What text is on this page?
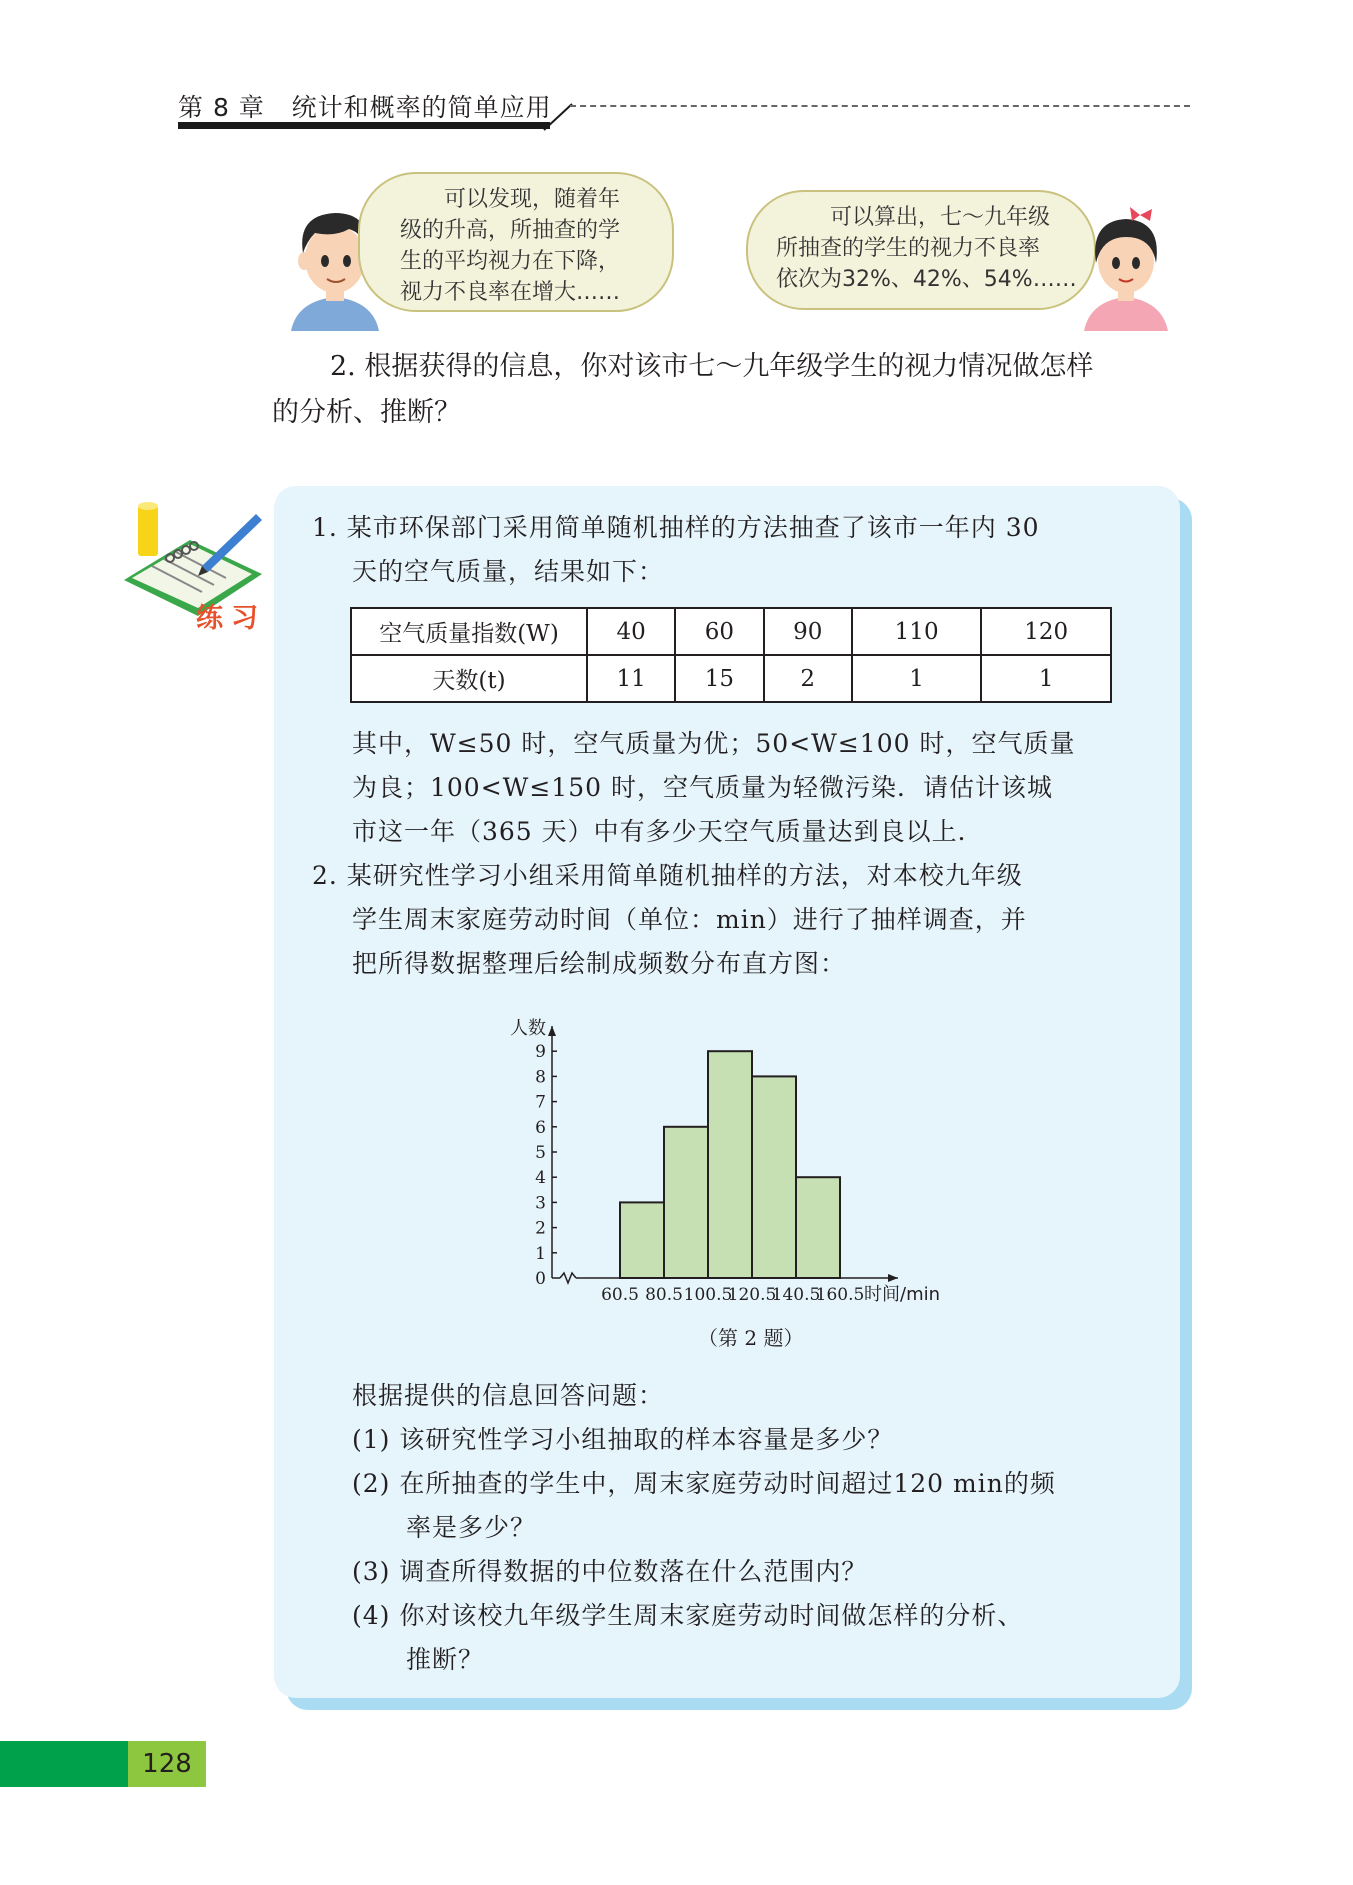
第 8 章 统计和概率的简单应用
可以发现，随着年
级的升高，所抽查的学
生的平均视力在下降，
视力不良率在增大……
可以算出，七～九年级
所抽查的学生的视力不良率
依次为32%、42%、54%……
2. 根据获得的信息，你对该市七～九年级学生的视力情况做怎样
的分析、推断？
练习
1. 某市环保部门采用简单随机抽样的方法抽查了该市一年内 30
天的空气质量，结果如下：
空气质量指数(W)	40	60	90	110	120
天数(t)	11	15	2	1	1
其中，W≤50 时，空气质量为优；50<W≤100 时，空气质量
为良；100<W≤150 时，空气质量为轻微污染．请估计该城
市这一年（365 天）中有多少天空气质量达到良以上．
2. 某研究性学习小组采用简单随机抽样的方法，对本校九年级
学生周末家庭劳动时间（单位：min）进行了抽样调查，并
把所得数据整理后绘制成频数分布直方图：
0
1
2
3
4
5
6
7
8
9
60.5 80.5 100.5
120.5
140.5
160.5
人数
时间/min
（第 2 题）
根据提供的信息回答问题：
(1) 该研究性学习小组抽取的样本容量是多少？
(2) 在所抽查的学生中，周末家庭劳动时间超过120 min的频
率是多少？
(3) 调查所得数据的中位数落在什么范围内？
(4) 你对该校九年级学生周末家庭劳动时间做怎样的分析、
推断？
128
